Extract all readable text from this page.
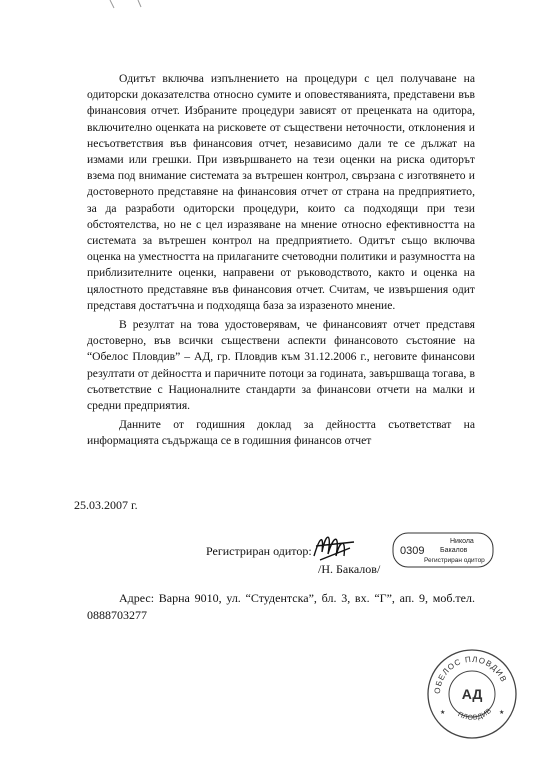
Одитът включва изпълнението на процедури с цел получаване на одиторски доказателства относно сумите и оповестяванията, представени във финансовия отчет. Избраните процедури зависят от преценката на одитора, включително оценката на рисковете от съществени неточности, отклонения и несъответствия във финансовия отчет, независимо дали те се дължат на измами или грешки. При извършването на тези оценки на риска одиторът взема под внимание системата за вътрешен контрол, свързана с изготвянето и достоверното представяне на финансовия отчет от страна на предприятието, за да разработи одиторски процедури, които са подходящи при тези обстоятелства, но не с цел изразяване на мнение относно ефективността на системата за вътрешен контрол на предприятието. Одитът също включва оценка на уместността на прилаганите счетоводни политики и разумността на приблизителните оценки, направени от ръководството, както и оценка на цялостното представяне във финансовия отчет. Считам, че извършения одит представя достатъчна и подходяща база за изразеното мнение.

В резултат на това удостоверявам, че финансовият отчет представя достоверно, във всички съществени аспекти финансовото състояние на “Обелос Пловдив” – АД, гр. Пловдив към 31.12.2006 г., неговите финансови резултати от дейността и паричните потоци за годината, завършваща тогава, в съответствие с Националните стандарти за финансови отчети на малки и средни предприятия.

Данните от годишния доклад за дейността съответстват на информацията съдържаща се в годишния финансов отчет

25.03.2007 г.
Регистриран одитор:
/Н. Бакалов/
0309
Никола
Бакалов
Регистриран одитор

Адрес: Варна 9010, ул. “Студентска”, бл. 3, вх. “Г”, ап. 9, моб.тел. 0888703277

ОБЕЛОС ПЛОВДИВ
ПЛОВДИВ
АД
★	★
